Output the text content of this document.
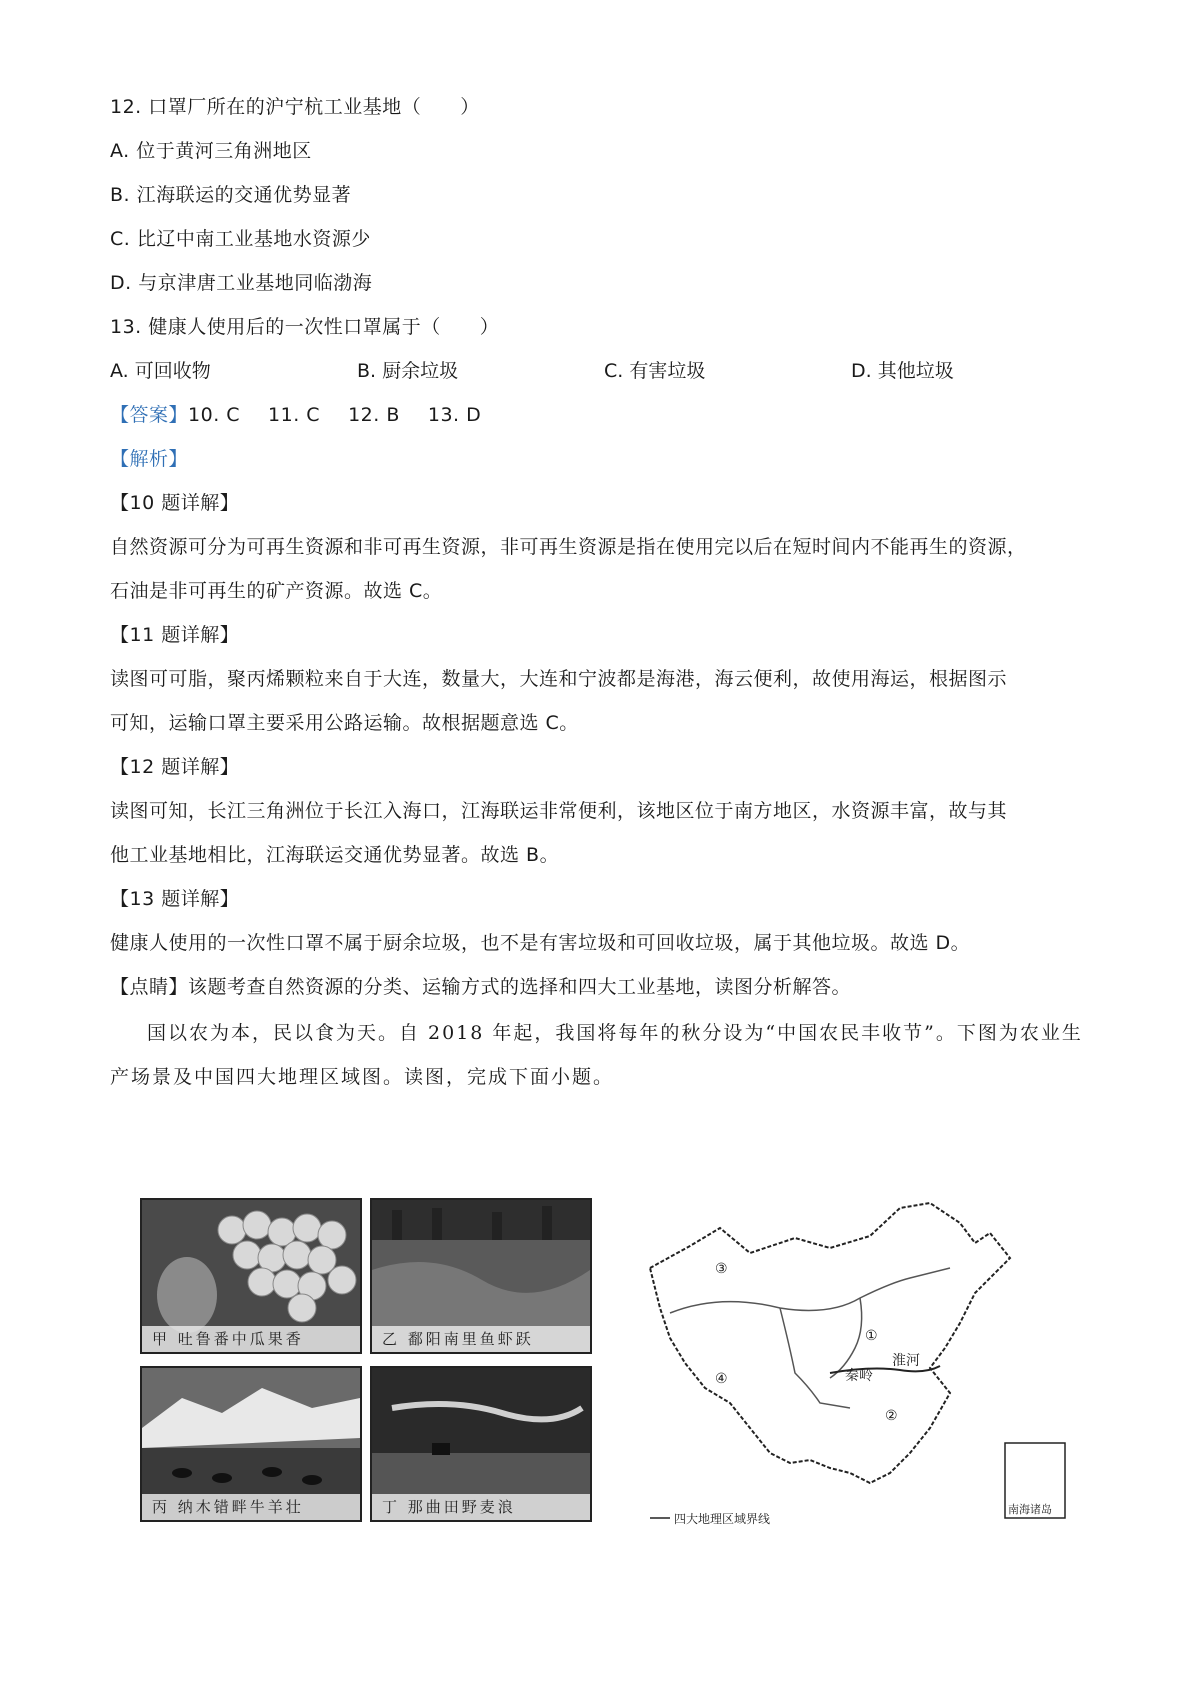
12. 口罩厂所在的沪宁杭工业基地（　　）
A. 位于黄河三角洲地区
B. 江海联运的交通优势显著
C. 比辽中南工业基地水资源少
D. 与京津唐工业基地同临渤海
13. 健康人使用后的一次性口罩属于（　　）
A. 可回收物	B. 厨余垃圾	C. 有害垃圾	D. 其他垃圾
【答案】10. C 11. C 12. B 13. D
【解析】
【10 题详解】
自然资源可分为可再生资源和非可再生资源，非可再生资源是指在使用完以后在短时间内不能再生的资源，
石油是非可再生的矿产资源。故选 C。
【11 题详解】
读图可可脂，聚丙烯颗粒来自于大连，数量大，大连和宁波都是海港，海云便利，故使用海运，根据图示
可知，运输口罩主要采用公路运输。故根据题意选 C。
【12 题详解】
读图可知，长江三角洲位于长江入海口，江海联运非常便利，该地区位于南方地区，水资源丰富，故与其
他工业基地相比，江海联运交通优势显著。故选 B。
【13 题详解】
健康人使用的一次性口罩不属于厨余垃圾，也不是有害垃圾和可回收垃圾，属于其他垃圾。故选 D。
【点睛】该题考查自然资源的分类、运输方式的选择和四大工业基地，读图分析解答。
国以农为本，民以食为天。自 2018 年起，我国将每年的秋分设为“中国农民丰收节”。下图为农业生
产场景及中国四大地理区域图。读图，完成下面小题。
甲 吐鲁番中瓜果香	乙 鄱阳南里鱼虾跃
丙 纳木错畔牛羊壮	丁 那曲田野麦浪
③
④
①
②
秦岭
淮河
四大地理区域界线
南海诸岛
